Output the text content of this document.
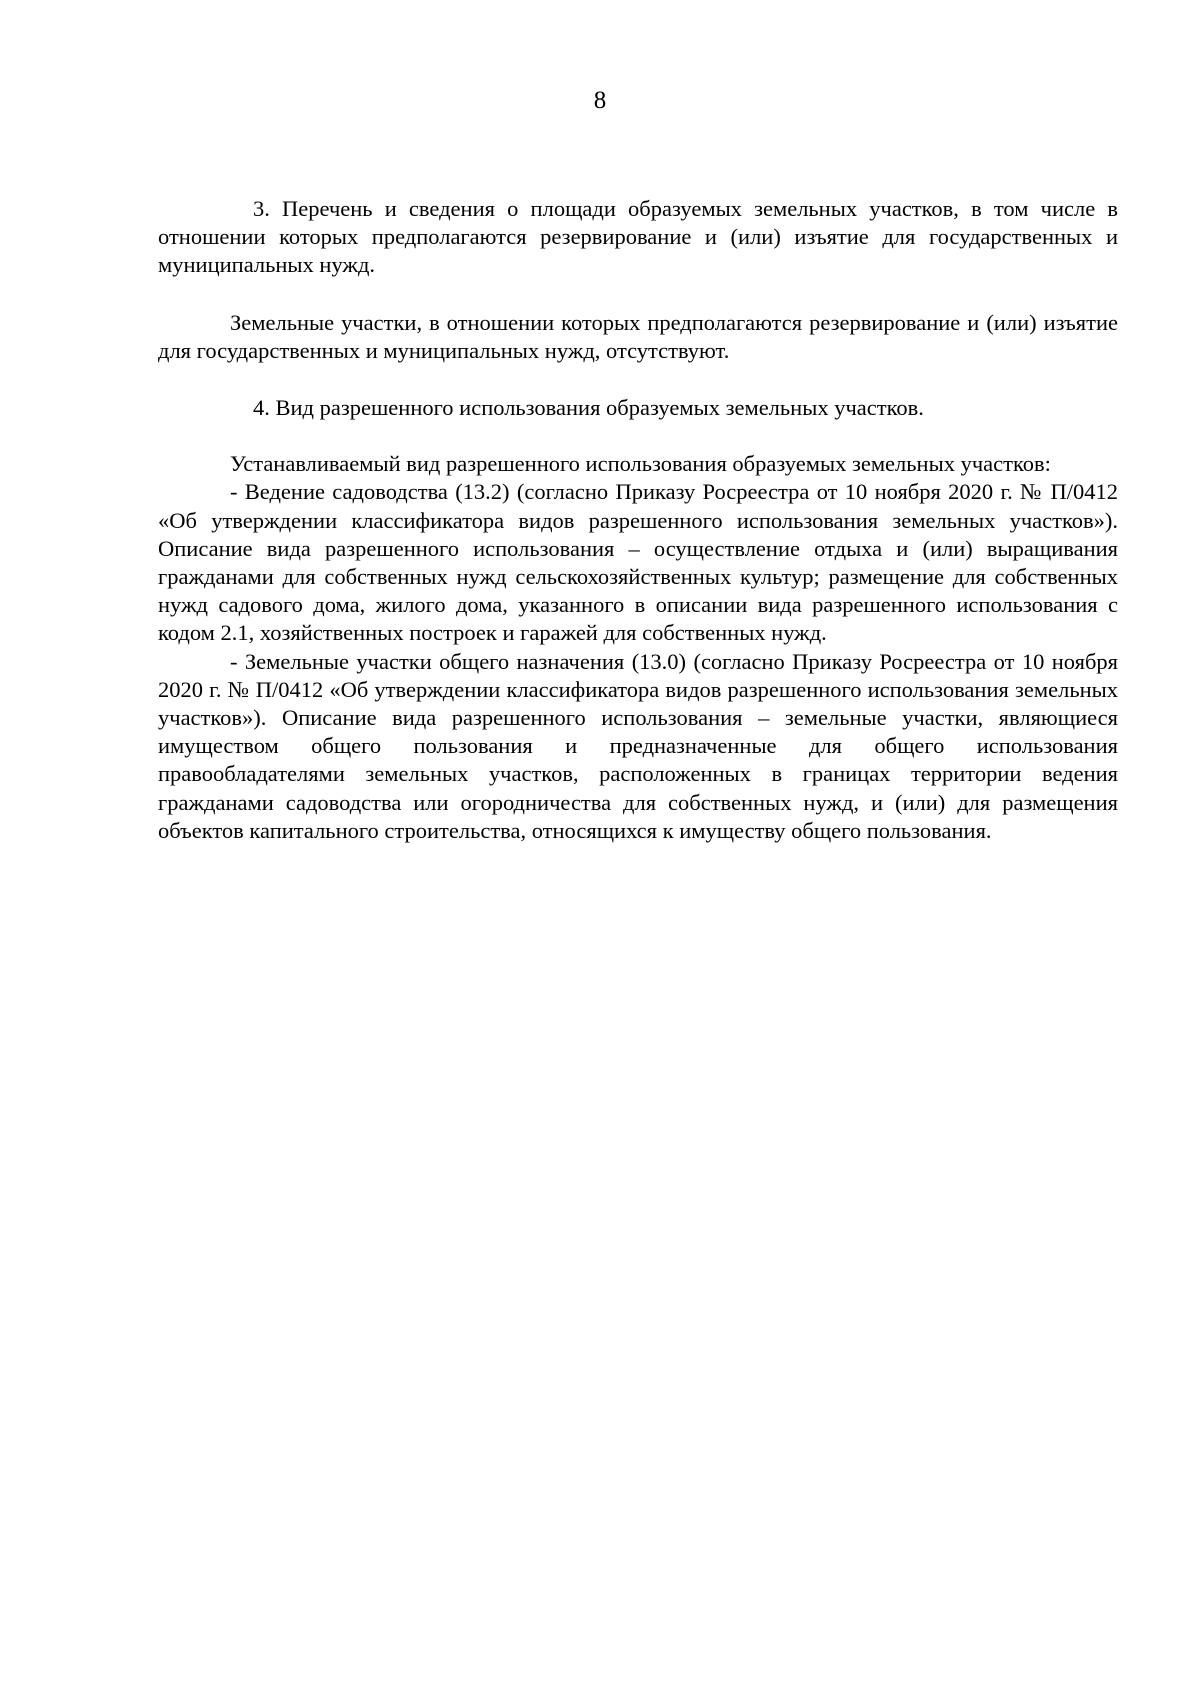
8

3. Перечень и сведения о площади образуемых земельных участков, в том числе в отношении которых предполагаются резервирование и (или) изъятие для государственных и муниципальных нужд.

Земельные участки, в отношении которых предполагаются резервирование и (или) изъятие для государственных и муниципальных нужд, отсутствуют.

4. Вид разрешенного использования образуемых земельных участков.

Устанавливаемый вид разрешенного использования образуемых земельных участков:

- Ведение садоводства (13.2) (согласно Приказу Росреестра от 10 ноября 2020 г. № П/0412 «Об утверждении классификатора видов разрешенного использования земельных участков»). Описание вида разрешенного использования – осуществление отдыха и (или) выращивания гражданами для собственных нужд сельскохозяйственных культур; размещение для собственных нужд садового дома, жилого дома, указанного в описании вида разрешенного использования с кодом 2.1, хозяйственных построек и гаражей для собственных нужд.

- Земельные участки общего назначения (13.0) (согласно Приказу Росреестра от 10 ноября 2020 г. № П/0412 «Об утверждении классификатора видов разрешенного использования земельных участков»). Описание вида разрешенного использования – земельные участки, являющиеся имуществом общего пользования и предназначенные для общего использования правообладателями земельных участков, расположенных в границах территории ведения гражданами садоводства или огородничества для собственных нужд, и (или) для размещения объектов капитального строительства, относящихся к имуществу общего пользования.
